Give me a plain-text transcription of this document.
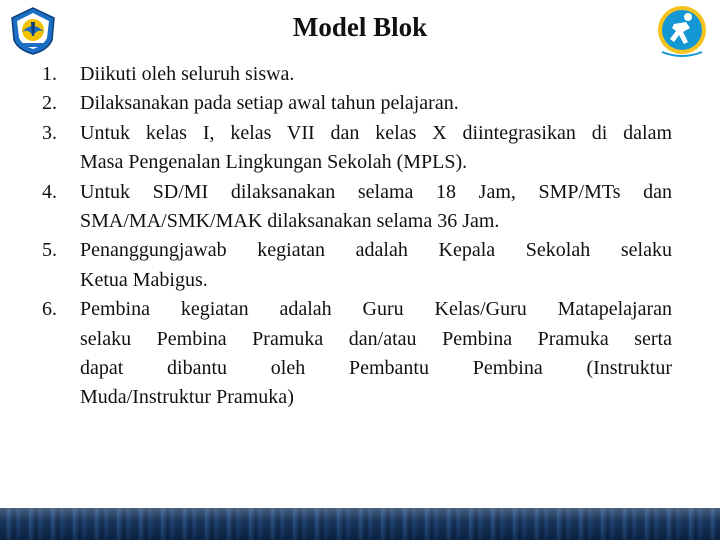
Model Blok
1. Diikuti oleh seluruh siswa.
2. Dilaksanakan pada setiap awal tahun pelajaran.
3. Untuk kelas I, kelas VII dan kelas X diintegrasikan di dalam
Masa Pengenalan Lingkungan Sekolah (MPLS).
4. Untuk SD/MI dilaksanakan selama 18 Jam, SMP/MTs dan
SMA/MA/SMK/MAK dilaksanakan selama 36 Jam.
5. Penanggungjawab kegiatan adalah Kepala Sekolah selaku
Ketua Mabigus.
6. Pembina kegiatan adalah Guru Kelas/Guru Matapelajaran
selaku Pembina Pramuka dan/atau Pembina Pramuka serta
dapat dibantu oleh Pembantu Pembina (Instruktur
Muda/Instruktur Pramuka)
